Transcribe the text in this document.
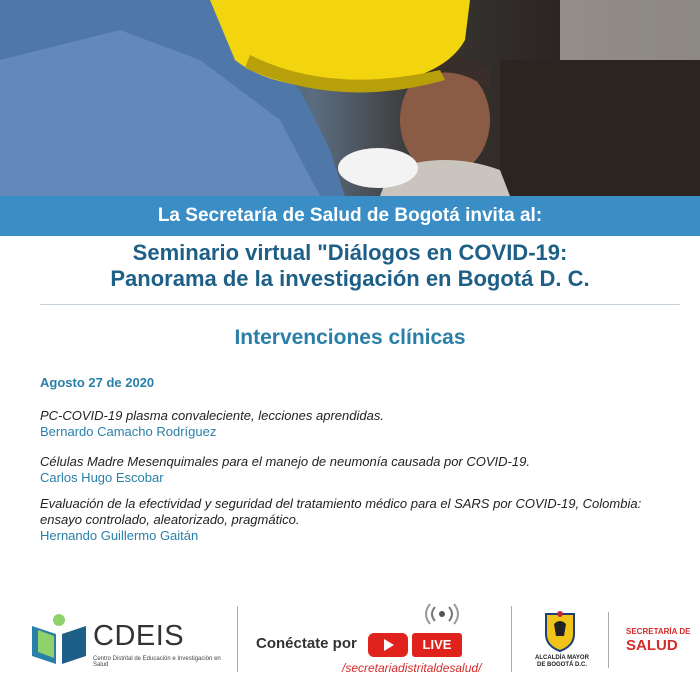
La Secretaría de Salud de Bogotá invita al:
Seminario virtual "Diálogos en COVID-19:
Panorama de la investigación en Bogotá D. C.
Intervenciones clínicas
Agosto 27 de 2020
PC-COVID-19 plasma convaleciente, lecciones aprendidas.
Bernardo Camacho Rodríguez
Células Madre Mesenquimales para el manejo de neumonía causada por COVID-19.
Carlos Hugo Escobar
Evaluación de la efectividad y seguridad del tratamiento médico para el SARS por COVID-19, Colombia:
ensayo controlado, aleatorizado, pragmático.
Hernando Guillermo Gaitán
CDEIS
Centro Distrital de Educación e Investigación en Salud
Conéctate por	LIVE
/secretariadistritaldesalud/
ALCALDÍA MAYOR
DE BOGOTÁ D.C.
SECRETARÍA DE
SALUD
